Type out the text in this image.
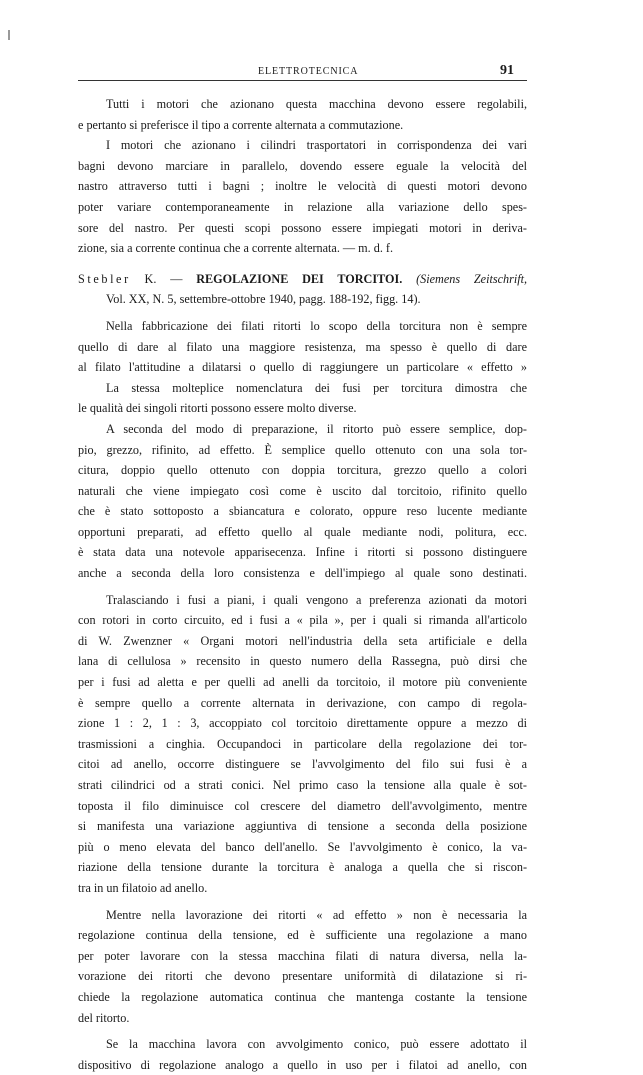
ELETTROTECNICA	91
Tutti i motori che azionano questa macchina devono essere regolabili,
e pertanto si preferisce il tipo a corrente alternata a commutazione.
I motori che azionano i cilindri trasportatori in corrispondenza dei vari
bagni devono marciare in parallelo, dovendo essere eguale la velocità del
nastro attraverso tutti i bagni ; inoltre le velocità di questi motori devono
poter variare contemporaneamente in relazione alla variazione dello spes-
sore del nastro. Per questi scopi possono essere impiegati motori in deriva-
zione, sia a corrente continua che a corrente alternata. — m. d. f.
Stebler K. — REGOLAZIONE DEI TORCITOI. (Siemens Zeitschrift,
Vol. XX, N. 5, settembre-ottobre 1940, pagg. 188-192, figg. 14).
Nella fabbricazione dei filati ritorti lo scopo della torcitura non è sempre
quello di dare al filato una maggiore resistenza, ma spesso è quello di dare
al filato l'attitudine a dilatarsi o quello di raggiungere un particolare « effetto »
La stessa molteplice nomenclatura dei fusi per torcitura dimostra che
le qualità dei singoli ritorti possono essere molto diverse.
A seconda del modo di preparazione, il ritorto può essere semplice, dop-
pio, grezzo, rifinito, ad effetto. È semplice quello ottenuto con una sola tor-
citura, doppio quello ottenuto con doppia torcitura, grezzo quello a colori
naturali che viene impiegato così come è uscito dal torcitoio, rifinito quello
che è stato sottoposto a sbiancatura e colorato, oppure reso lucente mediante
opportuni preparati, ad effetto quello al quale mediante nodi, politura, ecc.
è stata data una notevole apparisecenza. Infine i ritorti si possono distinguere
anche a seconda della loro consistenza e dell'impiego al quale sono destinati.
Tralasciando i fusi a piani, i quali vengono a preferenza azionati da motori
con rotori in corto circuito, ed i fusi a « pila », per i quali si rimanda all'articolo
di W. Zwenzner « Organi motori nell'industria della seta artificiale e della
lana di cellulosa » recensito in questo numero della Rassegna, può dirsi che
per i fusi ad aletta e per quelli ad anelli da torcitoio, il motore più conveniente
è sempre quello a corrente alternata in derivazione, con campo di regola-
zione 1 : 2, 1 : 3, accoppiato col torcitoio direttamente oppure a mezzo di
trasmissioni a cinghia. Occupandoci in particolare della regolazione dei tor-
citoi ad anello, occorre distinguere se l'avvolgimento del filo sui fusi è a
strati cilindrici od a strati conici. Nel primo caso la tensione alla quale è sot-
toposta il filo diminuisce col crescere del diametro dell'avvolgimento, mentre
si manifesta una variazione aggiuntiva di tensione a seconda della posizione
più o meno elevata del banco dell'anello. Se l'avvolgimento è conico, la va-
riazione della tensione durante la torcitura è analoga a quella che si riscon-
tra in un filatoio ad anello.
Mentre nella lavorazione dei ritorti « ad effetto » non è necessaria la
regolazione continua della tensione, ed è sufficiente una regolazione a mano
per poter lavorare con la stessa macchina filati di natura diversa, nella la-
vorazione dei ritorti che devono presentare uniformità di dilatazione si ri-
chiede la regolazione automatica continua che mantenga costante la tensione
del ritorto.
Se la macchina lavora con avvolgimento conico, può essere adottato il
dispositivo di regolazione analogo a quello in uso per i filatoi ad anello, con
